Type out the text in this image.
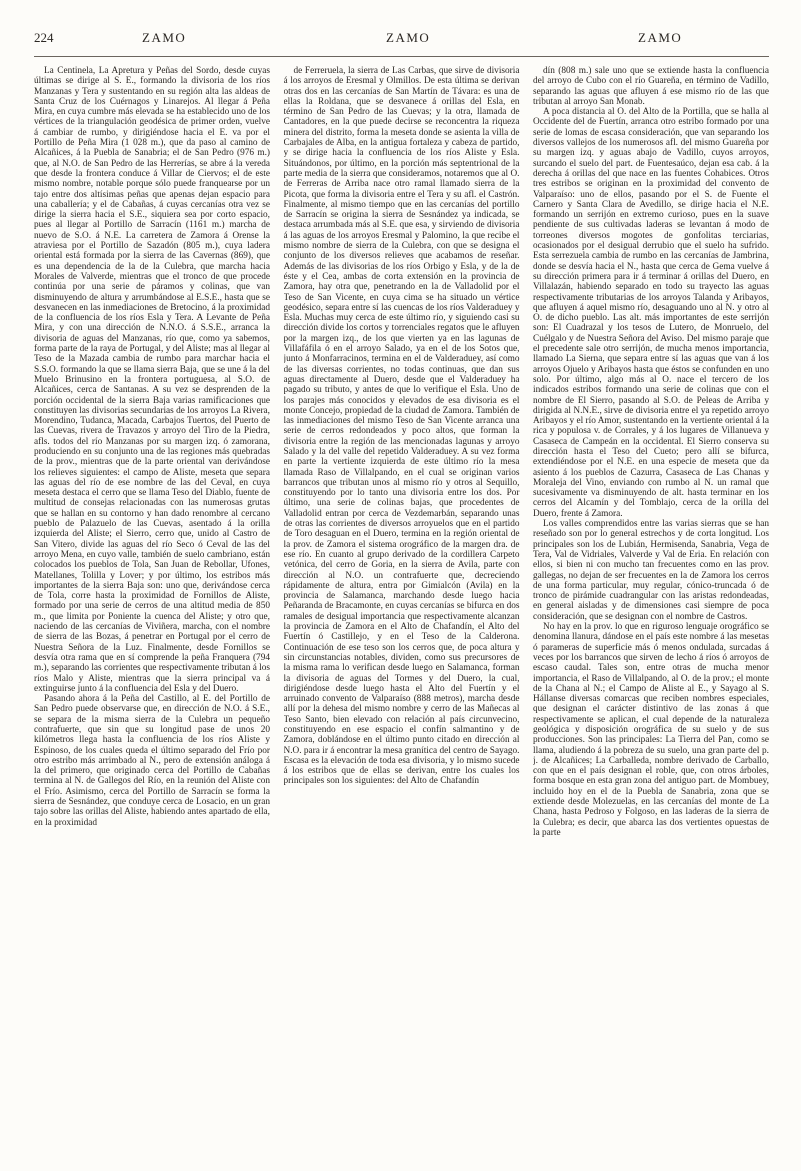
224	ZAMO	ZAMO	ZAMO

La Centinela, La Apretura y Peñas del Sordo, desde cuyas últimas se dirige al S. E., formando la divisoria de los ríos Manzanas y Tera y sustentando en su región alta las aldeas de Santa Cruz de los Cuérnagos y Linarejos. Al llegar á Peña Mira, en cuya cumbre más elevada se ha establecido uno de los vértices de la triangulación geodésica de primer orden, vuelve á cambiar de rumbo, y dirigiéndose hacia el E. va por el Portillo de Peña Mira (1 028 m.), que da paso al camino de Alcañices, á la Puebla de Sanabria; el de San Pedro (976 m.) que, al N.O. de San Pedro de las Herrerías, se abre á la vereda que desde la frontera conduce á Villar de Ciervos; el de este mismo nombre, notable porque sólo puede franquearse por un tajo entre dos altísimas peñas que apenas dejan espacio para una caballería; y el de Cabañas, á cuyas cercanías otra vez se dirige la sierra hacia el S.E., siquiera sea por corto espacio, pues al llegar al Portillo de Sarracín (1161 m.) marcha de nuevo de S.O. á N.E. La carretera de Zamora á Orense la atraviesa por el Portillo de Sazadón (805 m.), cuya ladera oriental está formada por la sierra de las Cavernas (869), que es una dependencia de la de la Culebra, que marcha hacia Morales de Valverde, mientras que el tronco de que procede continúa por una serie de páramos y colinas, que van disminuyendo de altura y arrumbándose al E.S.E., hasta que se desvanecen en las inmediaciones de Bretocino, á la proximidad de la confluencia de los ríos Esla y Tera. A Levante de Peña Mira, y con una dirección de N.N.O. á S.S.E., arranca la divisoria de aguas del Manzanas, río que, como ya sabemos, forma parte de la raya de Portugal, y del Aliste; mas al llegar al Teso de la Mazada cambia de rumbo para marchar hacia el S.S.O. formando la que se llama sierra Baja, que se une á la del Muelo Brinusino en la frontera portuguesa, al S.O. de Alcañices, cerca de Santanas. A su vez se desprenden de la porción occidental de la sierra Baja varias ramificaciones que constituyen las divisorias secundarias de los arroyos La Rivera, Morendino, Tudanca, Macada, Carbajos Tuertos, del Puerto de las Cuevas, rivera de Travazos y arroyo del Tiro de la Piedra, afls. todos del río Manzanas por su margen izq. ó zamorana, produciendo en su conjunto una de las regiones más quebradas de la prov., mientras que de la parte oriental van derivándose los relieves siguientes: el campo de Aliste, meseta que separa las aguas del río de ese nombre de las del Ceval, en cuya meseta destaca el cerro que se llama Teso del Diablo, fuente de multitud de consejas relacionadas con las numerosas grutas que se hallan en su contorno y han dado renombre al cercano pueblo de Palazuelo de las Cuevas, asentado á la orilla izquierda del Aliste; el Sierro, cerro que, unido al Castro de San Vitero, divide las aguas del río Seco ó Ceval de las del arroyo Mena, en cuyo valle, también de suelo cambriano, están colocados los pueblos de Tola, San Juan de Rebollar, Ufones, Matellanes, Tolilla y Lover; y por último, los estribos más importantes de la sierra Baja son: uno que, derivándose cerca de Tola, corre hasta la proximidad de Fornillos de Aliste, formado por una serie de cerros de una altitud media de 850 m., que limita por Poniente la cuenca del Aliste; y otro que, naciendo de las cercanías de Viviñera, marcha, con el nombre de sierra de las Bozas, á penetrar en Portugal por el cerro de Nuestra Señora de la Luz. Finalmente, desde Fornillos se desvía otra rama que en sí comprende la peña Franquera (794 m.), separando las corrientes que respectivamente tributan á los ríos Malo y Aliste, mientras que la sierra principal va á extinguirse junto á la confluencia del Esla y del Duero.

Pasando ahora á la Peña del Castillo, al E. del Portillo de San Pedro puede observarse que, en dirección de N.O. á S.E., se separa de la misma sierra de la Culebra un pequeño contrafuerte, que sin que su longitud pase de unos 20 kilómetros llega hasta la confluencia de los ríos Aliste y Espinoso, de los cuales queda el último separado del Frío por otro estribo más arrimbado al N., pero de extensión análoga á la del primero, que originado cerca del Portillo de Cabañas termina al N. de Gallegos del Río, en la reunión del Aliste con el Frío. Asimismo, cerca del Portillo de Sarracín se forma la sierra de Sesnández, que conduye cerca de Losacio, en un gran tajo sobre las orillas del Aliste, habiendo antes apartado de ella, en la proximidad

de Ferreruela, la sierra de Las Carbas, que sirve de divisoria á los arroyos de Eresmal y Olmillos. De esta última se derivan otras dos en las cercanías de San Martín de Távara: es una de ellas la Roldana, que se desvanece á orillas del Esla, en término de San Pedro de las Cuevas; y la otra, llamada de Cantadores, en la que puede decirse se reconcentra la riqueza minera del distrito, forma la meseta donde se asienta la villa de Carbajales de Alba, en la antigua fortaleza y cabeza de partido, y se dirige hacia la confluencia de los ríos Aliste y Esla. Situándonos, por último, en la porción más septentrional de la parte media de la sierra que consideramos, notaremos que al O. de Ferreras de Arriba nace otro ramal llamado sierra de la Picota, que forma la divisoria entre el Tera y su afl. el Castrón. Finalmente, al mismo tiempo que en las cercanías del portillo de Sarracín se origina la sierra de Sesnández ya indicada, se destaca arrumbada más al S.E. que esa, y sirviendo de divisoria á las aguas de los arroyos Eresmal y Palomino, la que recibe el mismo nombre de sierra de la Culebra, con que se designa el conjunto de los diversos relieves que acabamos de reseñar. Además de las divisorias de los ríos Orbigo y Esla, y de la de éste y el Cea, ambas de corta extensión en la provincia de Zamora, hay otra que, penetrando en la de Valladolid por el Teso de San Vicente, en cuya cima se ha situado un vértice geodésico, separa entre sí las cuencas de los ríos Valderaduey y Esla. Muchas muy cerca de este último río, y siguiendo casi su dirección divide los cortos y torrenciales regatos que le afluyen por la margen izq., de los que vierten ya en las lagunas de Villafáfila ó en el arroyo Salado, ya en el de los Sotos que, junto á Monfarracinos, termina en el de Valderaduey, así como de las diversas corrientes, no todas continuas, que dan sus aguas directamente al Duero, desde que el Valderaduey ha pagado su tributo, y antes de que lo verifique el Esla. Uno de los parajes más conocidos y elevados de esa divisoria es el monte Concejo, propiedad de la ciudad de Zamora. También de las inmediaciones del mismo Teso de San Vicente arranca una serie de cerros redondeados y poco altos, que forman la divisoria entre la región de las mencionadas lagunas y arroyo Salado y la del valle del repetido Valderaduey. A su vez forma en parte la vertiente izquierda de este último río la mesa llamada Raso de Villalpando, en el cual se originan varios barrancos que tributan unos al mismo río y otros al Sequillo, constituyendo por lo tanto una divisoria entre los dos. Por último, una serie de colinas bajas, que procedentes de Valladolid entran por cerca de Vezdemarbán, separando unas de otras las corrientes de diversos arroyuelos que en el partido de Toro desaguan en el Duero, termina en la región oriental de la prov. de Zamora el sistema orográfico de la margen dra. de ese río. En cuanto al grupo derivado de la cordillera Carpeto vetónica, del cerro de Goria, en la sierra de Avila, parte con dirección al N.O. un contrafuerte que, decreciendo rápidamente de altura, entra por Gimialcón (Avila) en la provincia de Salamanca, marchando desde luego hacia Peñaranda de Bracamonte, en cuyas cercanías se bifurca en dos ramales de desigual importancia que respectivamente alcanzan la provincia de Zamora en el Alto de Chafandín, el Alto del Fuertín ó Castillejo, y en el Teso de la Calderona. Continuación de ese teso son los cerros que, de poca altura y sin circunstancias notables, dividen, como sus precursores de la misma rama lo verifican desde luego en Salamanca, forman la divisoria de aguas del Tormes y del Duero, la cual, dirigiéndose desde luego hasta el Alto del Fuertín y el arruinado convento de Valparaíso (888 metros), marcha desde allí por la dehesa del mismo nombre y cerro de las Mañecas al Teso Santo, bien elevado con relación al país circunvecino, constituyendo en ese espacio el confín salmantino y de Zamora, doblándose en el último punto citado en dirección al N.O. para ir á encontrar la mesa granítica del centro de Sayago. Escasa es la elevación de toda esa divisoria, y lo mismo sucede á los estribos que de ellas se derivan, entre los cuales los principales son los siguientes: del Alto de Chafandín

dín (808 m.) sale uno que se extiende hasta la confluencia del arroyo de Cubo con el río Guareña, en término de Vadillo, separando las aguas que afluyen á ese mismo río de las que tributan al arroyo San Monab.

A poca distancia al O. del Alto de la Portilla, que se halla al Occidente del de Fuertín, arranca otro estribo formado por una serie de lomas de escasa consideración, que van separando los diversos vallejos de los numerosos afl. del mismo Guareña por su margen izq. y aguas abajo de Vadillo, cuyos arroyos, surcando el suelo del part. de Fuentesaúco, dejan esa cab. á la derecha á orillas del que nace en las fuentes Cohabices. Otros tres estribos se originan en la proximidad del convento de Valparaíso: uno de ellos, pasando por el S. de Fuente el Carnero y Santa Clara de Avedillo, se dirige hacia el N.E. formando un serrijón en extremo curioso, pues en la suave pendiente de sus cultivadas laderas se levantan á modo de torreones diversos mogotes de gonfolitas terciarias, ocasionados por el desigual derrubio que el suelo ha sufrido. Esta serrezuela cambia de rumbo en las cercanías de Jambrina, donde se desvía hacia el N., hasta que cerca de Gema vuelve á su dirección primera para ir á terminar á orillas del Duero, en Villalazán, habiendo separado en todo su trayecto las aguas respectivamente tributarias de los arroyos Talanda y Aribayos, que afluyen á aquel mismo río, desaguando uno al N. y otro al O. de dicho pueblo. Las alt. más importantes de este serrijón son: El Cuadrazal y los tesos de Lutero, de Monruelo, del Cuélgalo y de Nuestra Señora del Aviso. Del mismo paraje que el precedente sale otro serrijón, de mucha menos importancia, llamado La Sierna, que separa entre sí las aguas que van á los arroyos Ojuelo y Aribayos hasta que éstos se confunden en uno solo. Por último, algo más al O. nace el tercero de los indicados estribos formando una serie de colinas que con el nombre de El Sierro, pasando al S.O. de Peleas de Arriba y dirigida al N.N.E., sirve de divisoria entre el ya repetido arroyo Aribayos y el río Amor, sustentando en la vertiente oriental á la rica y populosa v. de Corrales, y á los lugares de Villanueva y Casaseca de Campeán en la occidental. El Sierro conserva su dirección hasta el Teso del Cueto; pero allí se bifurca, extendiéndose por el N.E. en una especie de meseta que da asiento á los pueblos de Cazurra, Casaseca de Las Chanas y Moraleja del Vino, enviando con rumbo al N. un ramal que sucesivamente va disminuyendo de alt. hasta terminar en los cerros del Alcamín y del Tomblajo, cerca de la orilla del Duero, frente á Zamora.

Los valles comprendidos entre las varias sierras que se han reseñado son por lo general estrechos y de corta longitud. Los principales son los de Lubián, Hermisenda, Sanabria, Vega de Tera, Val de Vidriales, Valverde y Val de Eria. En relación con ellos, si bien ni con mucho tan frecuentes como en las prov. gallegas, no dejan de ser frecuentes en la de Zamora los cerros de una forma particular, muy regular, cónico-truncada ó de tronco de pirámide cuadrangular con las aristas redondeadas, en general aisladas y de dimensiones casi siempre de poca consideración, que se designan con el nombre de Castros.

No hay en la prov. lo que en riguroso lenguaje orográfico se denomina llanura, dándose en el país este nombre á las mesetas ó parameras de superficie más ó menos ondulada, surcadas á veces por los barrancos que sirven de lecho á ríos ó arroyos de escaso caudal. Tales son, entre otras de mucha menor importancia, el Raso de Villalpando, al O. de la prov.; el monte de la Chana al N.; el Campo de Aliste al E., y Sayago al S. Hállanse diversas comarcas que reciben nombres especiales, que designan el carácter distintivo de las zonas á que respectivamente se aplican, el cual depende de la naturaleza geológica y disposición orográfica de su suelo y de sus producciones. Son las principales: La Tierra del Pan, como se llama, aludiendo á la pobreza de su suelo, una gran parte del p. j. de Alcañices; La Carballeda, nombre derivado de Carballo, con que en el país designan el roble, que, con otros árboles, forma bosque en esta gran zona del antiguo part. de Mombuey, incluido hoy en el de la Puebla de Sanabria, zona que se extiende desde Molezuelas, en las cercanías del monte de La Chana, hasta Pedroso y Folgoso, en las laderas de la sierra de la Culebra; es decir, que abarca las dos vertientes opuestas de la parte
